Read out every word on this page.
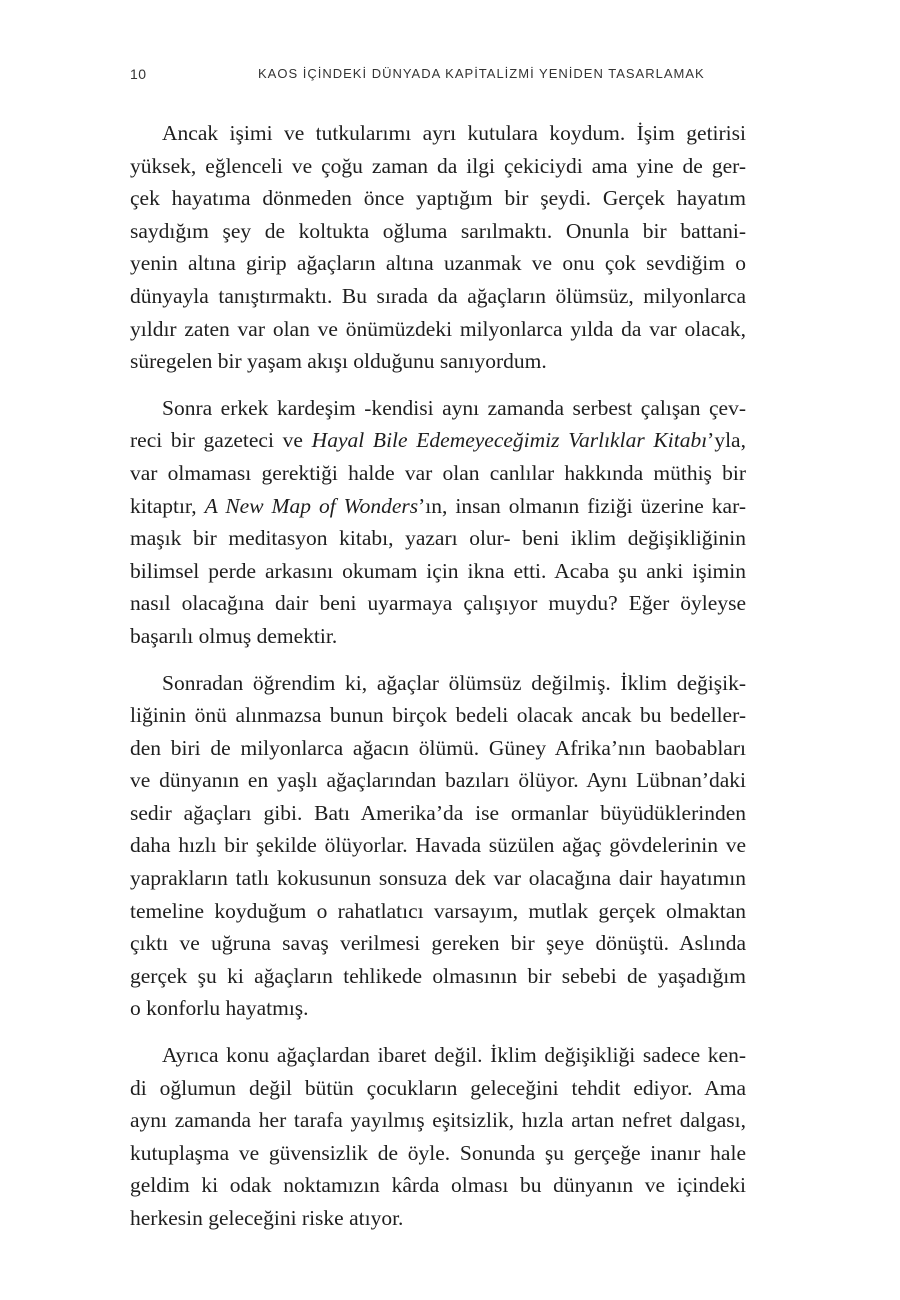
10	KAOS İÇİNDEKİ DÜNYADA KAPİTALİZMİ YENİDEN TASARLAMAK
Ancak işimi ve tutkularımı ayrı kutulara koydum. İşim getirisi
yüksek, eğlenceli ve çoğu zaman da ilgi çekiciydi ama yine de ger-
çek hayatıma dönmeden önce yaptığım bir şeydi. Gerçek hayatım
saydığım şey de koltukta oğluma sarılmaktı. Onunla bir battani-
yenin altına girip ağaçların altına uzanmak ve onu çok sevdiğim o
dünyayla tanıştırmaktı. Bu sırada da ağaçların ölümsüz, milyonlarca
yıldır zaten var olan ve önümüzdeki milyonlarca yılda da var olacak,
süregelen bir yaşam akışı olduğunu sanıyordum.
Sonra erkek kardeşim -kendisi aynı zamanda serbest çalışan çev-
reci bir gazeteci ve Hayal Bile Edemeyeceğimiz Varlıklar Kitabı’yla,
var olmaması gerektiği halde var olan canlılar hakkında müthiş bir
kitaptır, A New Map of Wonders’ın, insan olmanın fiziği üzerine kar-
maşık bir meditasyon kitabı, yazarı olur- beni iklim değişikliğinin
bilimsel perde arkasını okumam için ikna etti. Acaba şu anki işimin
nasıl olacağına dair beni uyarmaya çalışıyor muydu? Eğer öyleyse
başarılı olmuş demektir.
Sonradan öğrendim ki, ağaçlar ölümsüz değilmiş. İklim değişik-
liğinin önü alınmazsa bunun birçok bedeli olacak ancak bu bedeller-
den biri de milyonlarca ağacın ölümü. Güney Afrika’nın baobabları
ve dünyanın en yaşlı ağaçlarından bazıları ölüyor. Aynı Lübnan’daki
sedir ağaçları gibi. Batı Amerika’da ise ormanlar büyüdüklerinden
daha hızlı bir şekilde ölüyorlar. Havada süzülen ağaç gövdelerinin ve
yaprakların tatlı kokusunun sonsuza dek var olacağına dair hayatımın
temeline koyduğum o rahatlatıcı varsayım, mutlak gerçek olmaktan
çıktı ve uğruna savaş verilmesi gereken bir şeye dönüştü. Aslında
gerçek şu ki ağaçların tehlikede olmasının bir sebebi de yaşadığım
o konforlu hayatmış.
Ayrıca konu ağaçlardan ibaret değil. İklim değişikliği sadece ken-
di oğlumun değil bütün çocukların geleceğini tehdit ediyor. Ama
aynı zamanda her tarafa yayılmış eşitsizlik, hızla artan nefret dalgası,
kutuplaşma ve güvensizlik de öyle. Sonunda şu gerçeğe inanır hale
geldim ki odak noktamızın kârda olması bu dünyanın ve içindeki
herkesin geleceğini riske atıyor.
